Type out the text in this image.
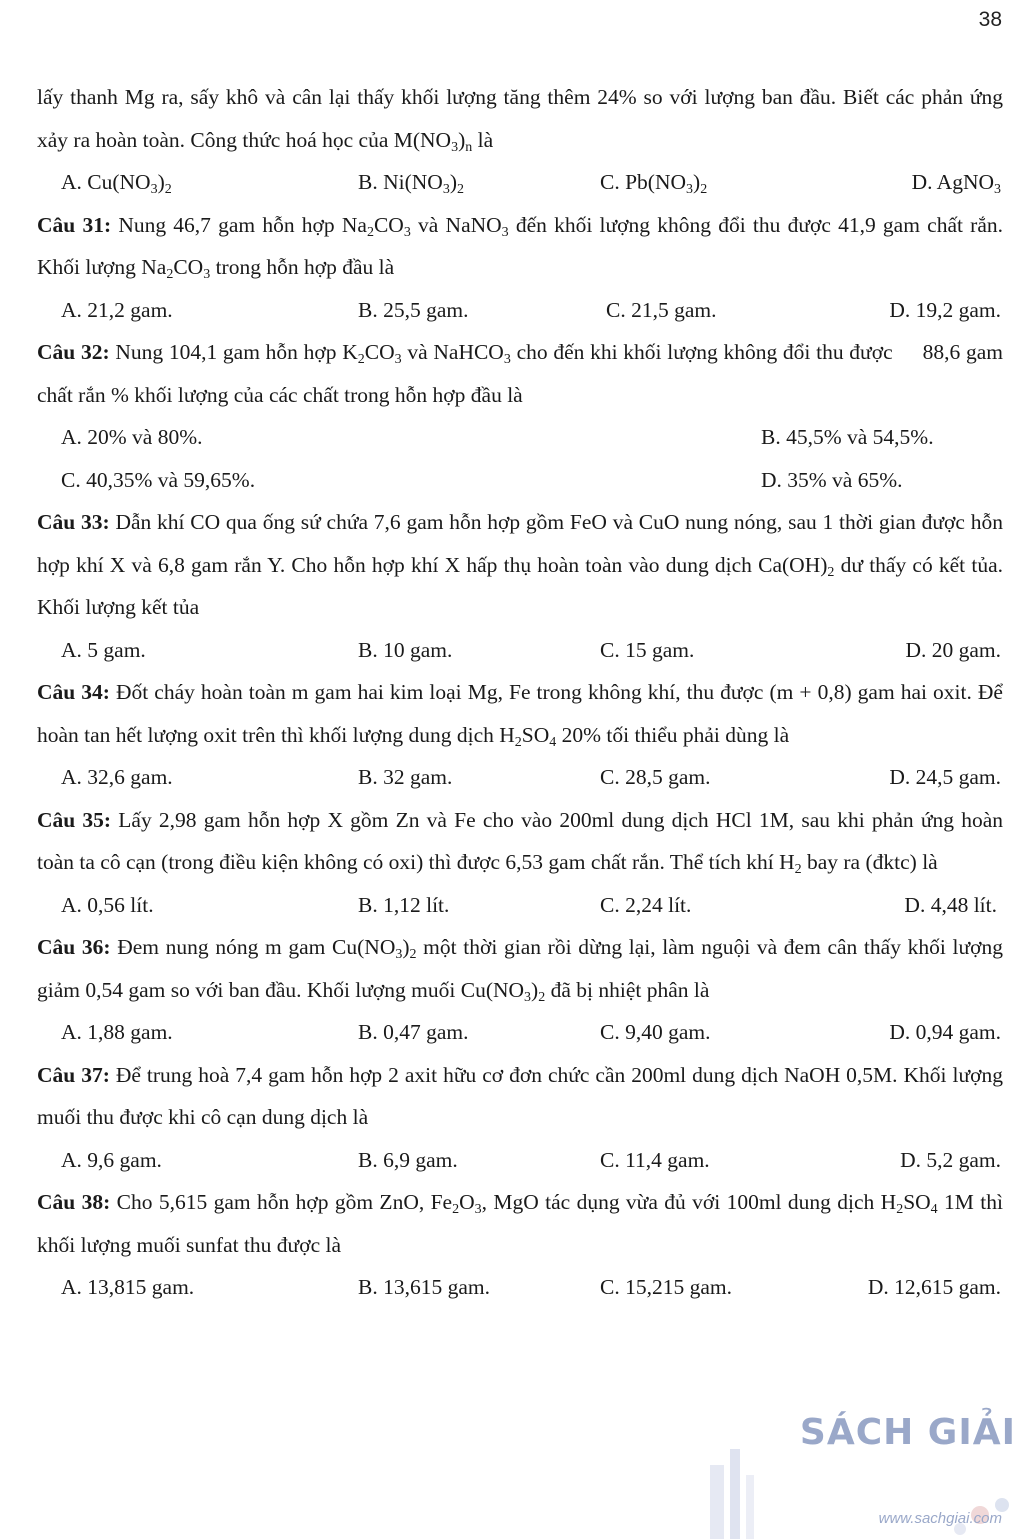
38

lấy thanh Mg ra, sấy khô và cân lại thấy khối lượng tăng thêm 24% so với lượng ban đầu. Biết các phản ứng xảy ra hoàn toàn. Công thức hoá học của $M(NO_3)_n$ là

A. $Cu(NO_3)_2$	B. $Ni(NO_3)_2$	C. $Pb(NO_3)_2$	D. AgNO$_3$

Câu 31: Nung 46,7 gam hỗn hợp $Na_2CO_3$ và NaNO$_3$ đến khối lượng không đổi thu được 41,9 gam chất rắn. Khối lượng $Na_2CO_3$ trong hỗn hợp đầu là

A. 21,2 gam.	B. 25,5 gam.	C. 21,5 gam.	D. 19,2 gam.

Câu 32: Nung 104,1 gam hỗn hợp $K_2CO_3$ và NaHCO$_3$ cho đến khi khối lượng không đổi thu được 88,6 gam chất rắn % khối lượng của các chất trong hỗn hợp đầu là

A. 20% và 80%.	B. 45,5% và 54,5%.
C. 40,35% và 59,65%.	D. 35% và 65%.

Câu 33: Dẫn khí CO qua ống sứ chứa 7,6 gam hỗn hợp gồm FeO và CuO nung nóng, sau 1 thời gian được hỗn hợp khí X và 6,8 gam rắn Y. Cho hỗn hợp khí X hấp thụ hoàn toàn vào dung dịch $Ca(OH)_2$ dư thấy có kết tủa. Khối lượng kết tủa

A. 5 gam.	B. 10 gam.	C. 15 gam.	D. 20 gam.

Câu 34: Đốt cháy hoàn toàn m gam hai kim loại Mg, Fe trong không khí, thu được (m + 0,8) gam hai oxit. Để hoàn tan hết lượng oxit trên thì khối lượng dung dịch $H_2SO_4$ 20% tối thiểu phải dùng là

A. 32,6 gam.	B. 32 gam.	C. 28,5 gam.	D. 24,5 gam.

Câu 35: Lấy 2,98 gam hỗn hợp X gồm Zn và Fe cho vào 200ml dung dịch HCl 1M, sau khi phản ứng hoàn toàn ta cô cạn (trong điều kiện không có oxi) thì được 6,53 gam chất rắn. Thể tích khí $H_2$ bay ra (đktc) là

A. 0,56 lít.	B. 1,12 lít.	C. 2,24 lít.	D. 4,48 lít.

Câu 36: Đem nung nóng m gam $Cu(NO_3)_2$ một thời gian rồi dừng lại, làm nguội và đem cân thấy khối lượng giảm 0,54 gam so với ban đầu. Khối lượng muối $Cu(NO_3)_2$ đã bị nhiệt phân là

A. 1,88 gam.	B. 0,47 gam.	C. 9,40 gam.	D. 0,94 gam.

Câu 37: Để trung hoà 7,4 gam hỗn hợp 2 axit hữu cơ đơn chức cần 200ml dung dịch NaOH 0,5M. Khối lượng muối thu được khi cô cạn dung dịch là

A. 9,6 gam.	B. 6,9 gam.	C. 11,4 gam.	D. 5,2 gam.

Câu 38: Cho 5,615 gam hỗn hợp gồm ZnO, $Fe_2O_3$, MgO tác dụng vừa đủ với 100ml dung dịch $H_2SO_4$ 1M thì khối lượng muối sunfat thu được là

A. 13,815 gam.	B. 13,615 gam.	C. 15,215 gam.	D. 12,615 gam.
SÁCH GIẢI
www.sachgiai.com
